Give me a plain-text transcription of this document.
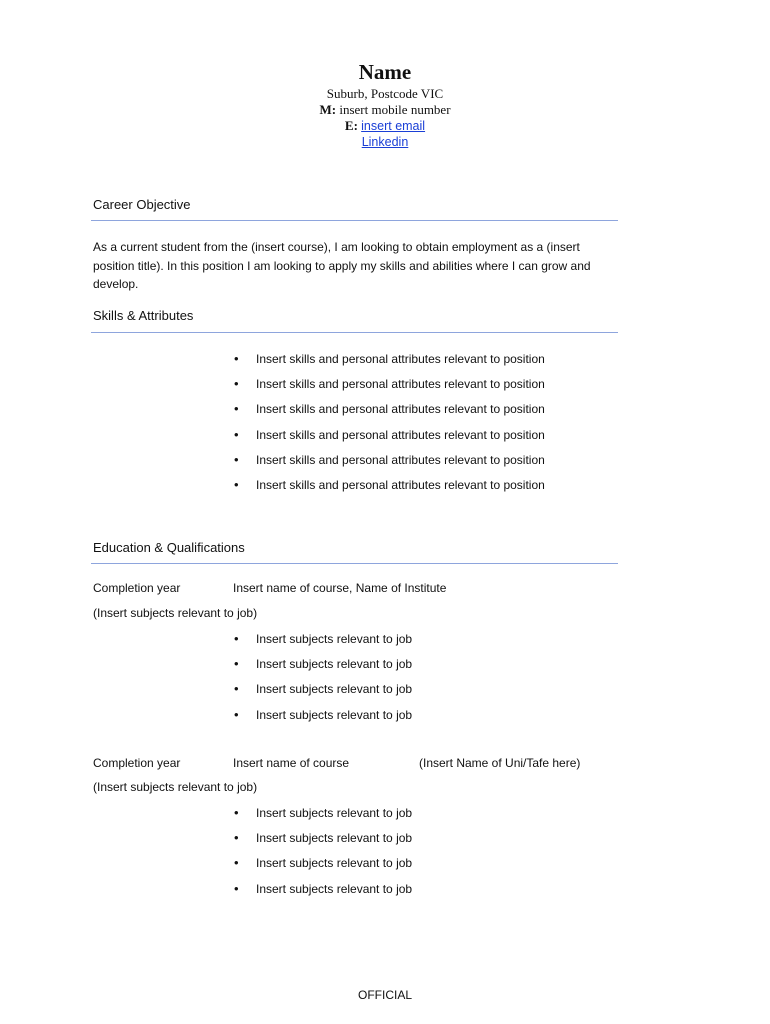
Name
Suburb, Postcode VIC
M: insert mobile number
E: insert email
Linkedin
Career Objective
As a current student from the (insert course), I am looking to obtain employment as a (insert
position title). In this position I am looking to apply my skills and abilities where I can grow and
develop.
Skills & Attributes
• Insert skills and personal attributes relevant to position
• Insert skills and personal attributes relevant to position
• Insert skills and personal attributes relevant to position
• Insert skills and personal attributes relevant to position
• Insert skills and personal attributes relevant to position
• Insert skills and personal attributes relevant to position
Education & Qualifications
Completion year	Insert name of course, Name of Institute
(Insert subjects relevant to job)
• Insert subjects relevant to job
• Insert subjects relevant to job
• Insert subjects relevant to job
• Insert subjects relevant to job
Completion year	Insert name of course	(Insert Name of Uni/Tafe here)
(Insert subjects relevant to job)
• Insert subjects relevant to job
• Insert subjects relevant to job
• Insert subjects relevant to job
• Insert subjects relevant to job
OFFICIAL
